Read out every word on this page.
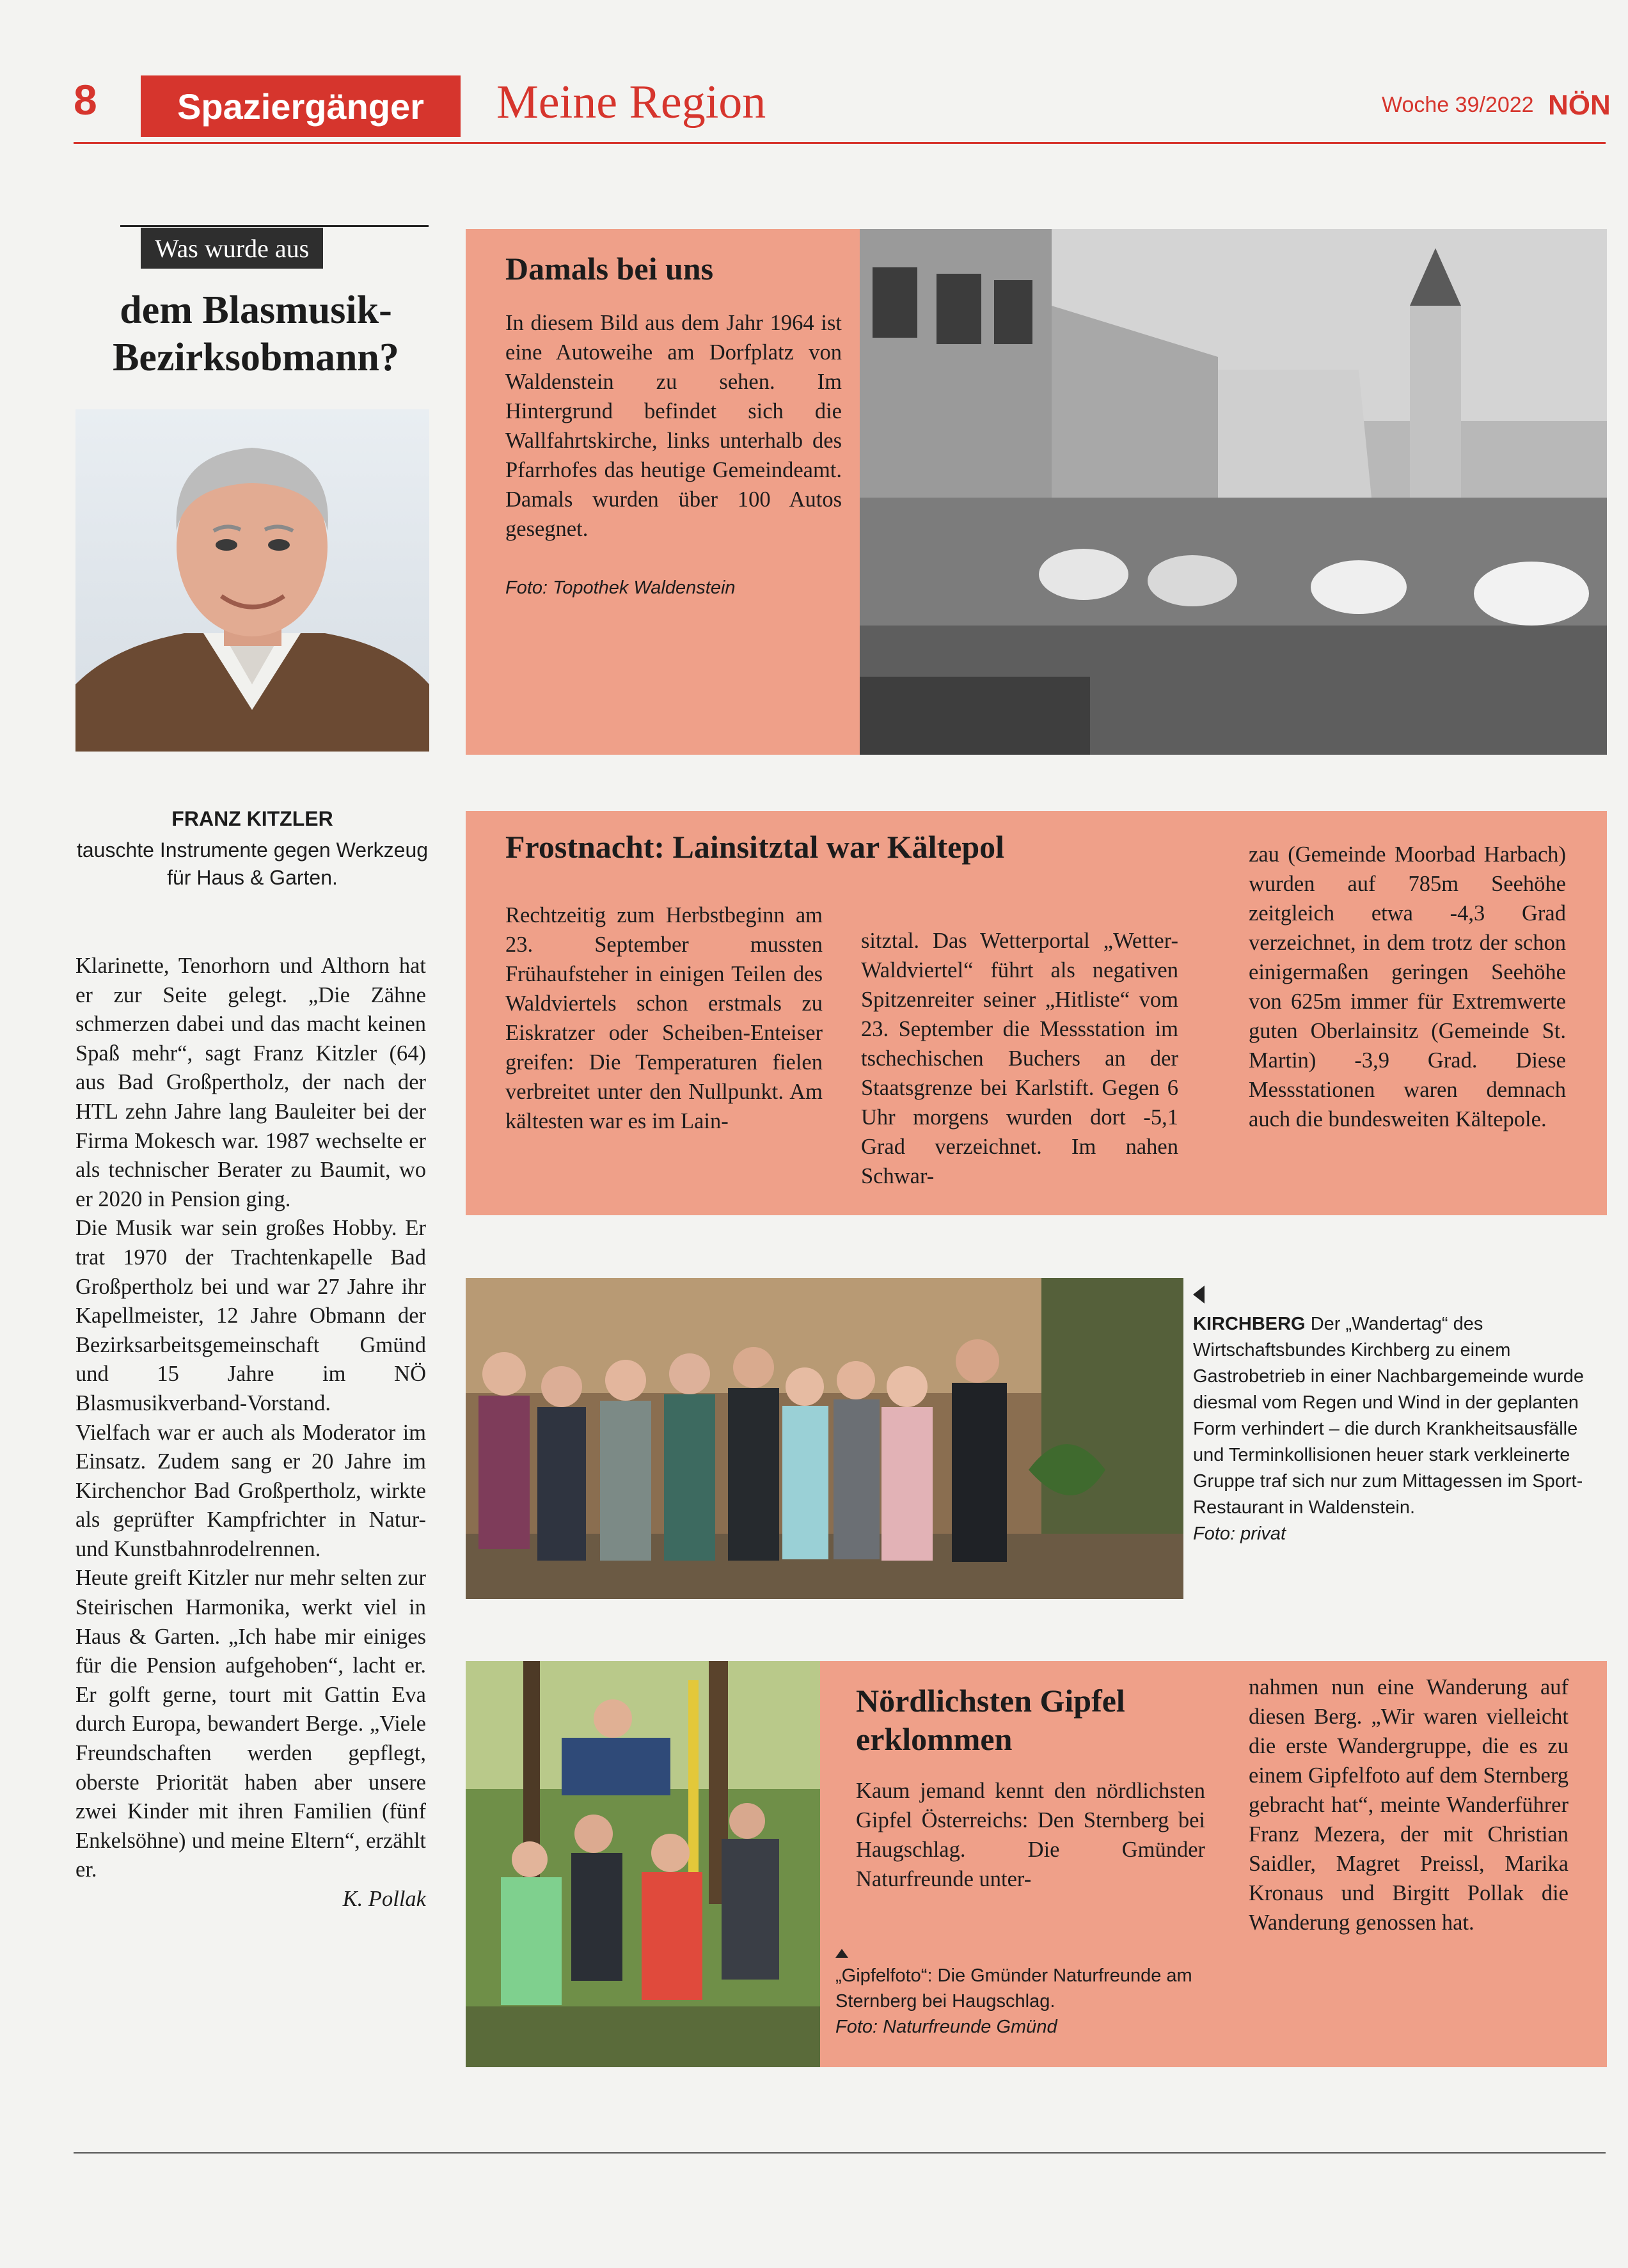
8 Spaziergänger Meine Region	Woche 39/2022 NÖN
Was wurde aus
dem Blasmusik-Bezirksobmann?
FRANZ KITZLER
tauschte Instrumente gegen Werkzeug für Haus & Garten.

Klarinette, Tenorhorn und Althorn hat er zur Seite gelegt. „Die Zähne schmerzen dabei und das macht keinen Spaß mehr“, sagt Franz Kitzler (64) aus Bad Großpertholz, der nach der HTL zehn Jahre lang Bauleiter bei der Firma Mokesch war. 1987 wechselte er als technischer Berater zu Baumit, wo er 2020 in Pension ging.

Die Musik war sein großes Hobby. Er trat 1970 der Trachtenkapelle Bad Großpertholz bei und war 27 Jahre ihr Kapellmeister, 12 Jahre Obmann der Bezirksarbeitsgemeinschaft Gmünd und 15 Jahre im NÖ Blasmusikverband-Vorstand.

Vielfach war er auch als Moderator im Einsatz. Zudem sang er 20 Jahre im Kirchenchor Bad Großpertholz, wirkte als geprüfter Kampfrichter in Natur- und Kunstbahnrodelrennen.

Heute greift Kitzler nur mehr selten zur Steirischen Harmonika, werkt viel in Haus & Garten. „Ich habe mir einiges für die Pension aufgehoben“, lacht er. Er golft gerne, tourt mit Gattin Eva durch Europa, bewandert Berge. „Viele Freundschaften werden gepflegt, oberste Priorität haben aber unsere zwei Kinder mit ihren Familien (fünf Enkelsöhne) und meine Eltern“, erzählt er.

K. Pollak

Damals bei uns
In diesem Bild aus dem Jahr 1964 ist eine Autoweihe am Dorfplatz von Waldenstein zu sehen. Im Hintergrund befindet sich die Wallfahrtskirche, links unterhalb des Pfarrhofes das heutige Gemeindeamt. Damals wurden über 100 Autos gesegnet.
Foto: Topothek Waldenstein
Frostnacht: Lainsitztal war Kältepol
Rechtzeitig zum Herbstbeginn am 23. September mussten Frühaufsteher in einigen Teilen des Waldviertels schon erstmals zu Eiskratzer oder Scheiben-Enteiser greifen: Die Temperaturen fielen verbreitet unter den Nullpunkt. Am kältesten war es im Lain-
sitztal. Das Wetterportal „Wetter-Waldviertel“ führt als negativen Spitzenreiter seiner „Hitliste“ vom 23. September die Messstation im tschechischen Buchers an der Staatsgrenze bei Karlstift. Gegen 6 Uhr morgens wurden dort -5,1 Grad verzeichnet. Im nahen Schwar-
zau (Gemeinde Moorbad Harbach) wurden auf 785m Seehöhe zeitgleich etwa -4,3 Grad verzeichnet, in dem trotz der schon einigermaßen geringen Seehöhe von 625m immer für Extremwerte guten Oberlainsitz (Gemeinde St. Martin) -3,9 Grad. Diese Messstationen waren demnach auch die bundesweiten Kältepole.
KIRCHBERG Der „Wandertag“ des Wirtschaftsbundes Kirchberg zu einem Gastrobetrieb in einer Nachbargemeinde wurde diesmal vom Regen und Wind in der geplanten Form verhindert – die durch Krankheitsausfälle und Terminkollisionen heuer stark verkleinerte Gruppe traf sich nur zum Mittagessen im Sport-Restaurant in Waldenstein.
Foto: privat
Nördlichsten Gipfel erklommen
Kaum jemand kennt den nördlichsten Gipfel Österreichs: Den Sternberg bei Haugschlag. Die Gmünder Naturfreunde unter-
„Gipfelfoto“: Die Gmünder Naturfreunde am Sternberg bei Haugschlag.
Foto: Naturfreunde Gmünd
nahmen nun eine Wanderung auf diesen Berg. „Wir waren vielleicht die erste Wandergruppe, die es zu einem Gipfelfoto auf dem Sternberg gebracht hat“, meinte Wanderführer Franz Mezera, der mit Christian Saidler, Magret Preissl, Marika Kronaus und Birgitt Pollak die Wanderung genossen hat.
